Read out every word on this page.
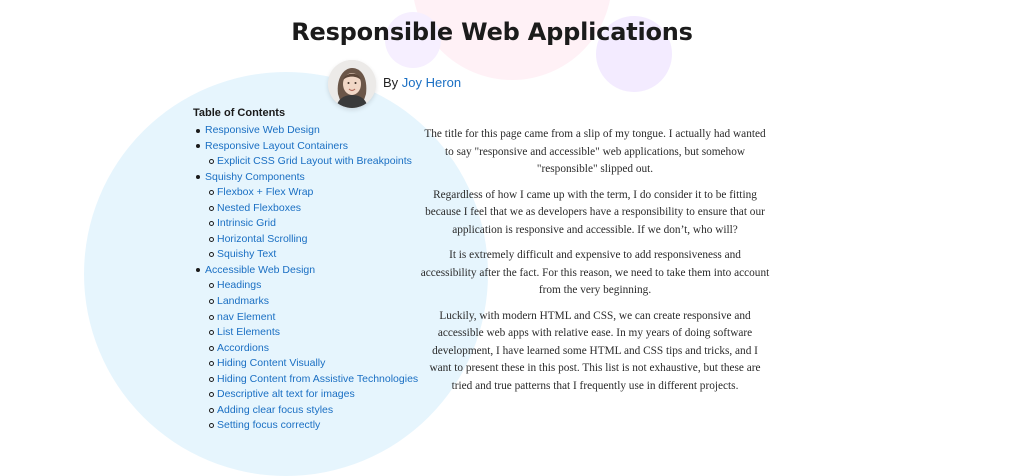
Responsible Web Applications
By Joy Heron
Table of Contents
Responsive Web Design
Responsive Layout Containers
Explicit CSS Grid Layout with Breakpoints
Squishy Components
Flexbox + Flex Wrap
Nested Flexboxes
Intrinsic Grid
Horizontal Scrolling
Squishy Text
Accessible Web Design
Headings
Landmarks
nav Element
List Elements
Accordions
Hiding Content Visually
Hiding Content from Assistive Technologies
Descriptive alt text for images
Adding clear focus styles
Setting focus correctly

The title for this page came from a slip of my tongue. I actually had wanted to say "responsive and accessible" web applications, but somehow "responsible" slipped out.

Regardless of how I came up with the term, I do consider it to be fitting because I feel that we as developers have a responsibility to ensure that our application is responsive and accessible. If we don’t, who will?

It is extremely difficult and expensive to add responsiveness and accessibility after the fact. For this reason, we need to take them into account from the very beginning.

Luckily, with modern HTML and CSS, we can create responsive and accessible web apps with relative ease. In my years of doing software development, I have learned some HTML and CSS tips and tricks, and I want to present these in this post. This list is not exhaustive, but these are tried and true patterns that I frequently use in different projects.
